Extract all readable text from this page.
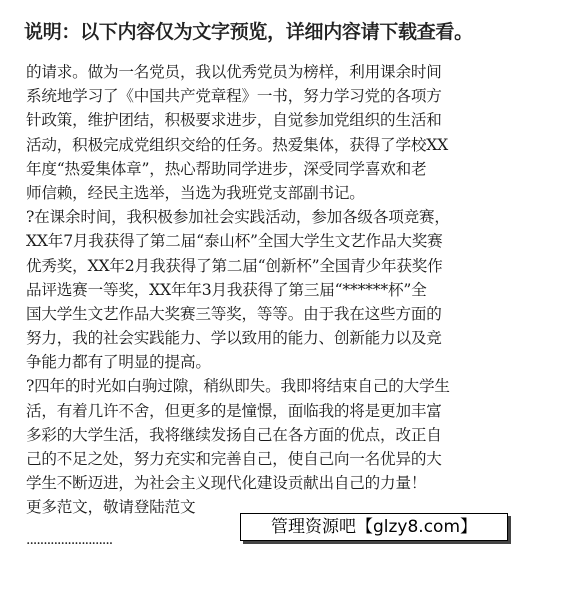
说明：以下内容仅为文字预览，详细内容请下载查看。
的请求。做为一名党员，我以优秀党员为榜样，利用课余时间
系统地学习了《中国共产党章程》一书，努力学习党的各项方
针政策，维护团结，积极要求进步，自觉参加党组织的生活和
活动，积极完成党组织交给的任务。热爱集体，获得了学校XX
年度“热爱集体章”，热心帮助同学进步，深受同学喜欢和老
师信赖，经民主选举，当选为我班党支部副书记。
?在课余时间，我积极参加社会实践活动，参加各级各项竞赛，
XX年7月我获得了第二届“泰山杯”全国大学生文艺作品大奖赛
优秀奖，XX年2月我获得了第二届“创新杯”全国青少年获奖作
品评选赛一等奖，XX年年3月我获得了第三届“******杯”全
国大学生文艺作品大奖赛三等奖，等等。由于我在这些方面的
努力，我的社会实践能力、学以致用的能力、创新能力以及竞
争能力都有了明显的提高。
?四年的时光如白驹过隙，稍纵即失。我即将结束自己的大学生
活，有着几许不舍，但更多的是憧憬，面临我的将是更加丰富
多彩的大学生活，我将继续发扬自己在各方面的优点，改正自
己的不足之处，努力充实和完善自己，使自己向一名优异的大
学生不断迈进，为社会主义现代化建设贡献出自己的力量！
更多范文，敬请登陆范文
·························
管理资源吧【glzy8.com】
